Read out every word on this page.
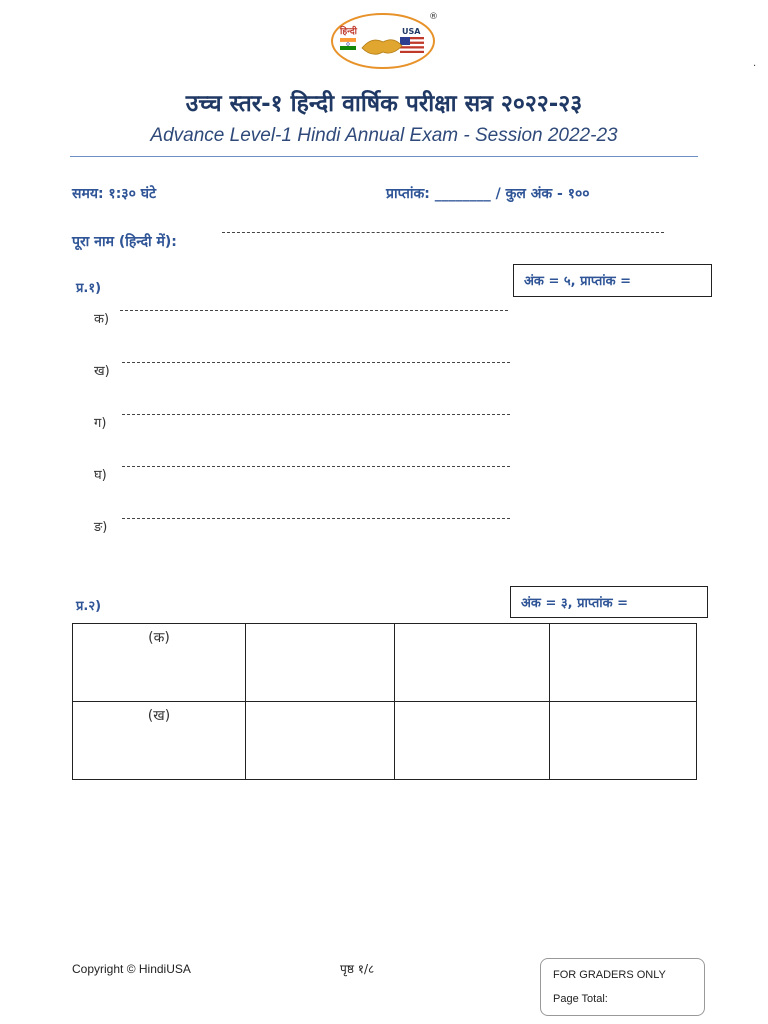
हिन्दी	USA
®
.
उच्च स्तर-१ हिन्दी वार्षिक परीक्षा सत्र २०२२-२३
Advance Level-1 Hindi Annual Exam - Session 2022-23
समय: १:३० घंटे	प्राप्तांक: ________ / कुल अंक - १००
पूरा नाम (हिन्दी में):
प्र.१)	अंक = ५, प्राप्तांक =
क)
ख)
ग)
घ)
ङ)
प्र.२)	अंक = ३, प्राप्तांक =
(क)			
(ख)			
Copyright © HindiUSA	पृष्ठ १/८	FOR GRADERS ONLY
Page Total:
